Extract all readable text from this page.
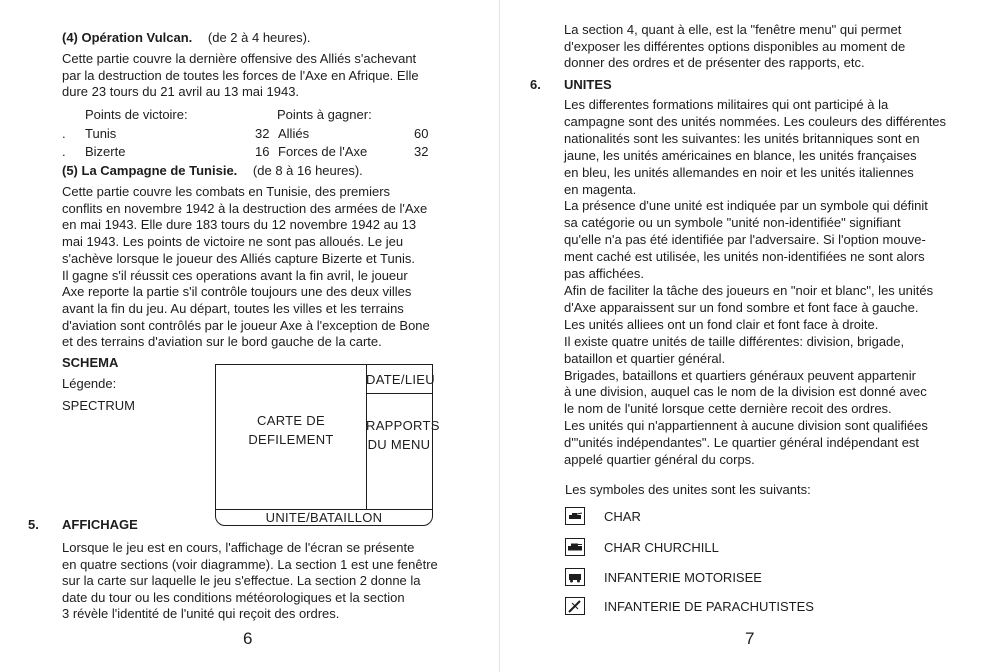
(4) Opération Vulcan. (de 2 à 4 heures).

Cette partie couvre la dernière offensive des Alliés s'achevant

par la destruction de toutes les forces de l'Axe en Afrique. Elle

dure 23 tours du 21 avril au 13 mai 1943.

Points de victoire:	Points à gagner:
. Tunis	32 Alliés	60
. Bizerte	16 Forces de l'Axe	32
(5) La Campagne de Tunisie. (de 8 à 16 heures).

Cette partie couvre les combats en Tunisie, des premiers

conflits en novembre 1942 à la destruction des armées de l'Axe

en mai 1943. Elle dure 183 tours du 12 novembre 1942 au 13

mai 1943. Les points de victoire ne sont pas alloués. Le jeu

s'achève lorsque le joueur des Alliés capture Bizerte et Tunis.

Il gagne s'il réussit ces operations avant la fin avril, le joueur

Axe reporte la partie s'il contrôle toujours une des deux villes

avant la fin du jeu. Au départ, toutes les villes et les terrains

d'aviation sont contrôlés par le joueur Axe à l'exception de Bone

et des terrains d'aviation sur le bord gauche de la carte.

SCHEMA
Légende:
SPECTRUM
CARTE DE
DEFILEMENT
DATE/LIEU
RAPPORTS
DU MENU
UNITE/BATAILLON
5. AFFICHAGE

Lorsque le jeu est en cours, l'affichage de l'écran se présente

en quatre sections (voir diagramme). La section 1 est une fenêtre

sur la carte sur laquelle le jeu s'effectue. La section 2 donne la

date du tour ou les conditions météorologiques et la section

3 révèle l'identité de l'unité qui reçoit des ordres.

6

La section 4, quant à elle, est la "fenêtre menu" qui permet

d'exposer les différentes options disponibles au moment de

donner des ordres et de présenter des rapports, etc.

6. UNITES

Les differentes formations militaires qui ont participé à la

campagne sont des unités nommées. Les couleurs des différentes

nationalités sont les suivantes: les unités britanniques sont en

jaune, les unités américaines en blance, les unités françaises

en bleu, les unités allemandes en noir et les unités italiennes

en magenta.

La présence d'une unité est indiquée par un symbole qui définit

sa catégorie ou un symbole "unité non-identifiée" signifiant

qu'elle n'a pas été identifiée par l'adversaire. Si l'option mouve-

ment caché est utilisée, les unités non-identifiées ne sont alors

pas affichées.

Afin de faciliter la tâche des joueurs en "noir et blanc", les unités

d'Axe apparaissent sur un fond sombre et font face à gauche.

Les unités alliees ont un fond clair et font face à droite.

Il existe quatre unités de taille différentes: division, brigade,

bataillon et quartier général.

Brigades, bataillons et quartiers généraux peuvent appartenir

à une division, auquel cas le nom de la division est donné avec

le nom de l'unité lorsque cette dernière recoit des ordres.

Les unités qui n'appartiennent à aucune division sont qualifiées

d'"unités indépendantes". Le quartier général indépendant est

appelé quartier général du corps.

Les symboles des unites sont les suivants:
CHAR
CHAR CHURCHILL
INFANTERIE MOTORISEE
INFANTERIE DE PARACHUTISTES
7
